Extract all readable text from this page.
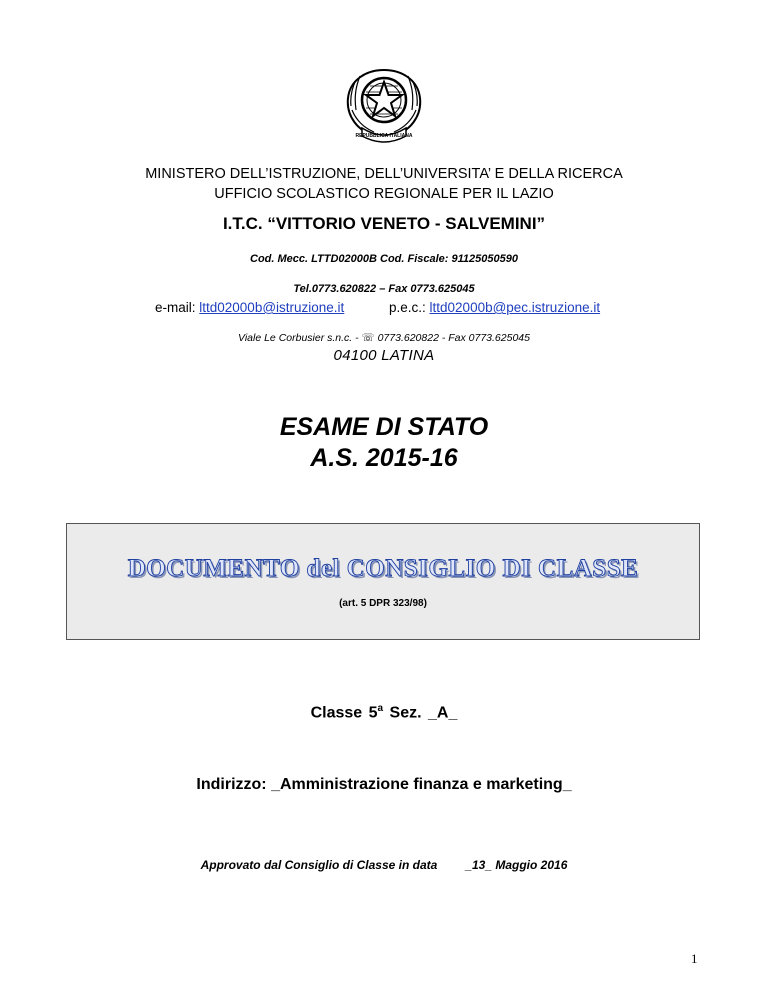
REPUBBLICA ITALIANA
MINISTERO DELL’ISTRUZIONE, DELL’UNIVERSITA’ E DELLA RICERCA
UFFICIO SCOLASTICO REGIONALE PER IL LAZIO
I.T.C. “VITTORIO VENETO - SALVEMINI”
Cod. Mecc. LTTD02000B Cod. Fiscale: 91125050590
Tel.0773.620822 – Fax 0773.625045
e-mail: lttd02000b@istruzione.it	p.e.c.: lttd02000b@pec.istruzione.it
Viale Le Corbusier s.n.c. - ☏ 0773.620822 - Fax 0773.625045
04100 LATINA
ESAME DI STATO
A.S. 2015-16
DOCUMENTO del CONSIGLIO DI CLASSE
(art. 5 DPR 323/98)
Classe 5$^a$ Sez. _A_
Indirizzo: _Amministrazione finanza e marketing_
Approvato dal Consiglio di Classe in data _13_ Maggio 2016
1
